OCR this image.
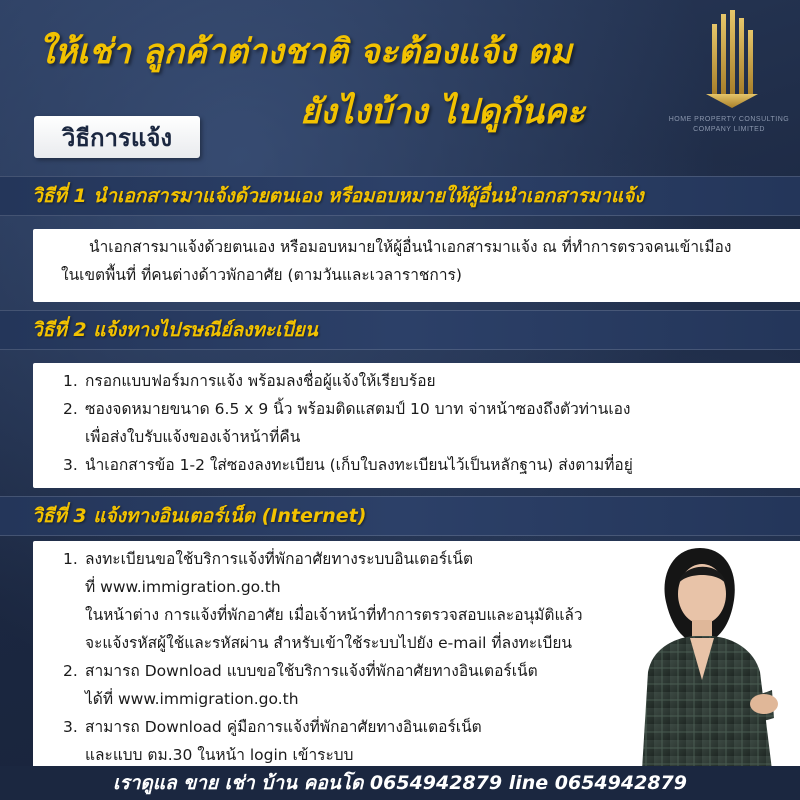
ให้เช่า ลูกค้าต่างชาติ จะต้องแจ้ง ตม
ยังไงบ้าง ไปดูกันคะ
วิธีการแจ้ง
HOME PROPERTY CONSULTING
COMPANY LIMITED
วิธีที่ 1 นำเอกสารมาแจ้งด้วยตนเอง หรือมอบหมายให้ผู้อื่นนำเอกสารมาแจ้ง
นำเอกสารมาแจ้งด้วยตนเอง หรือมอบหมายให้ผู้อื่นนำเอกสารมาแจ้ง ณ ที่ทำการตรวจคนเข้าเมือง
ในเขตพื้นที่ ที่คนต่างด้าวพักอาศัย (ตามวันและเวลาราชการ)
วิธีที่ 2 แจ้งทางไปรษณีย์ลงทะเบียน
1. กรอกแบบฟอร์มการแจ้ง พร้อมลงชื่อผู้แจ้งให้เรียบร้อย
2. ซองจดหมายขนาด 6.5 x 9 นิ้ว พร้อมติดแสตมป์ 10 บาท จ่าหน้าซองถึงตัวท่านเอง
เพื่อส่งใบรับแจ้งของเจ้าหน้าที่คืน
3. นำเอกสารข้อ 1-2 ใส่ซองลงทะเบียน (เก็บใบลงทะเบียนไว้เป็นหลักฐาน) ส่งตามที่อยู่
วิธีที่ 3 แจ้งทางอินเตอร์เน็ต (Internet)
1. ลงทะเบียนขอใช้บริการแจ้งที่พักอาศัยทางระบบอินเตอร์เน็ต
ที่ www.immigration.go.th
ในหน้าต่าง การแจ้งที่พักอาศัย เมื่อเจ้าหน้าที่ทำการตรวจสอบและอนุมัติแล้ว
จะแจ้งรหัสผู้ใช้และรหัสผ่าน สำหรับเข้าใช้ระบบไปยัง e-mail ที่ลงทะเบียน
2. สามารถ Download แบบขอใช้บริการแจ้งที่พักอาศัยทางอินเตอร์เน็ต
ได้ที่ www.immigration.go.th
3. สามารถ Download คู่มือการแจ้งที่พักอาศัยทางอินเตอร์เน็ต
และแบบ ตม.30 ในหน้า login เข้าระบบ
เราดูแล ขาย เช่า บ้าน คอนโด 0654942879 line 0654942879
